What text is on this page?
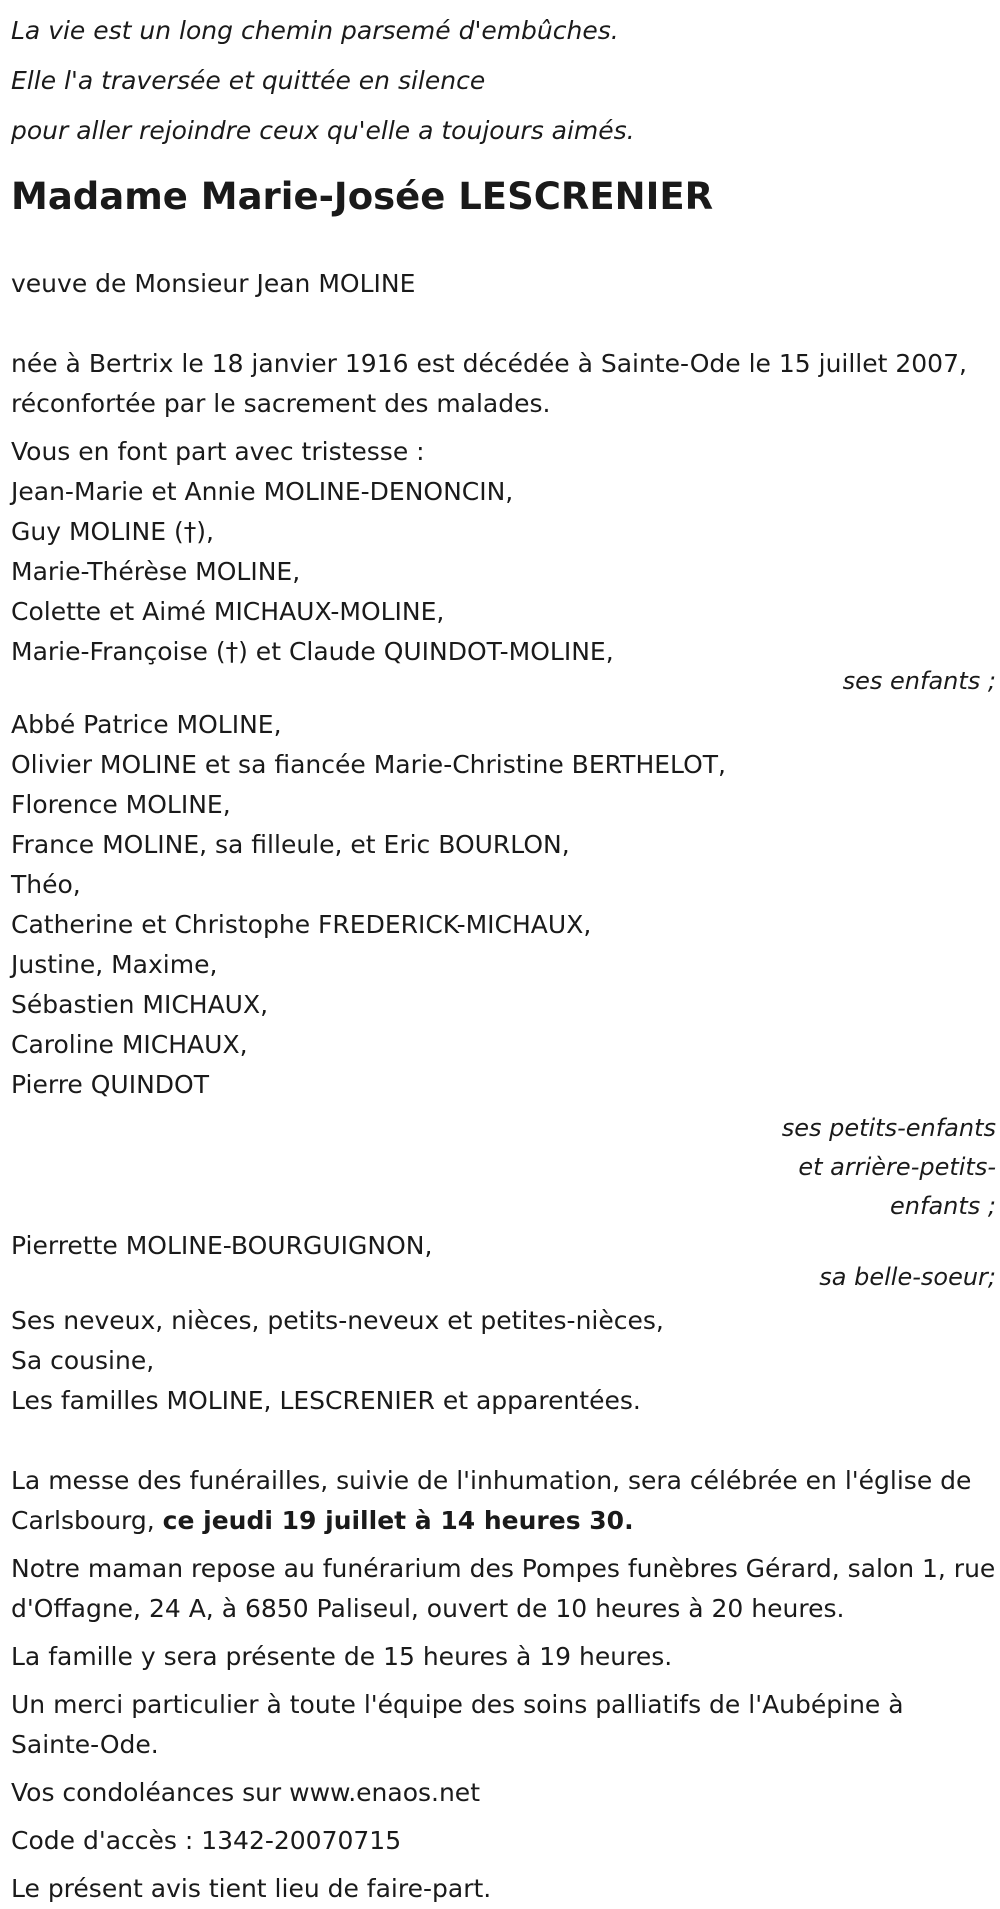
La vie est un long chemin parsemé d'embûches.

Elle l'a traversée et quittée en silence

pour aller rejoindre ceux qu'elle a toujours aimés.

Madame Marie-Josée LESCRENIER

veuve de Monsieur Jean MOLINE

née à Bertrix le 18 janvier 1916 est décédée à Sainte-Ode le 15 juillet 2007, réconfortée par le sacrement des malades.

Vous en font part avec tristesse :

Jean-Marie et Annie MOLINE-DENONCIN,

Guy MOLINE (†),

Marie-Thérèse MOLINE,

Colette et Aimé MICHAUX-MOLINE,

Marie-Françoise (†) et Claude QUINDOT-MOLINE,

ses enfants ;

Abbé Patrice MOLINE,

Olivier MOLINE et sa fiancée Marie-Christine BERTHELOT,

Florence MOLINE,

France MOLINE, sa filleule, et Eric BOURLON,

Théo,

Catherine et Christophe FREDERICK-MICHAUX,

Justine, Maxime,

Sébastien MICHAUX,

Caroline MICHAUX,

Pierre QUINDOT

ses petits-enfants
et arrière-petits-
enfants ;

Pierrette MOLINE-BOURGUIGNON,

sa belle-soeur;

Ses neveux, nièces, petits-neveux et petites-nièces,

Sa cousine,

Les familles MOLINE, LESCRENIER et apparentées.

La messe des funérailles, suivie de l'inhumation, sera célébrée en l'église de Carlsbourg, ce jeudi 19 juillet à 14 heures 30.

Notre maman repose au funérarium des Pompes funèbres Gérard, salon 1, rue d'Offagne, 24 A, à 6850 Paliseul, ouvert de 10 heures à 20 heures.

La famille y sera présente de 15 heures à 19 heures.

Un merci particulier à toute l'équipe des soins palliatifs de l'Aubépine à Sainte-Ode.

Vos condoléances sur www.enaos.net

Code d'accès : 1342-20070715

Le présent avis tient lieu de faire-part.
